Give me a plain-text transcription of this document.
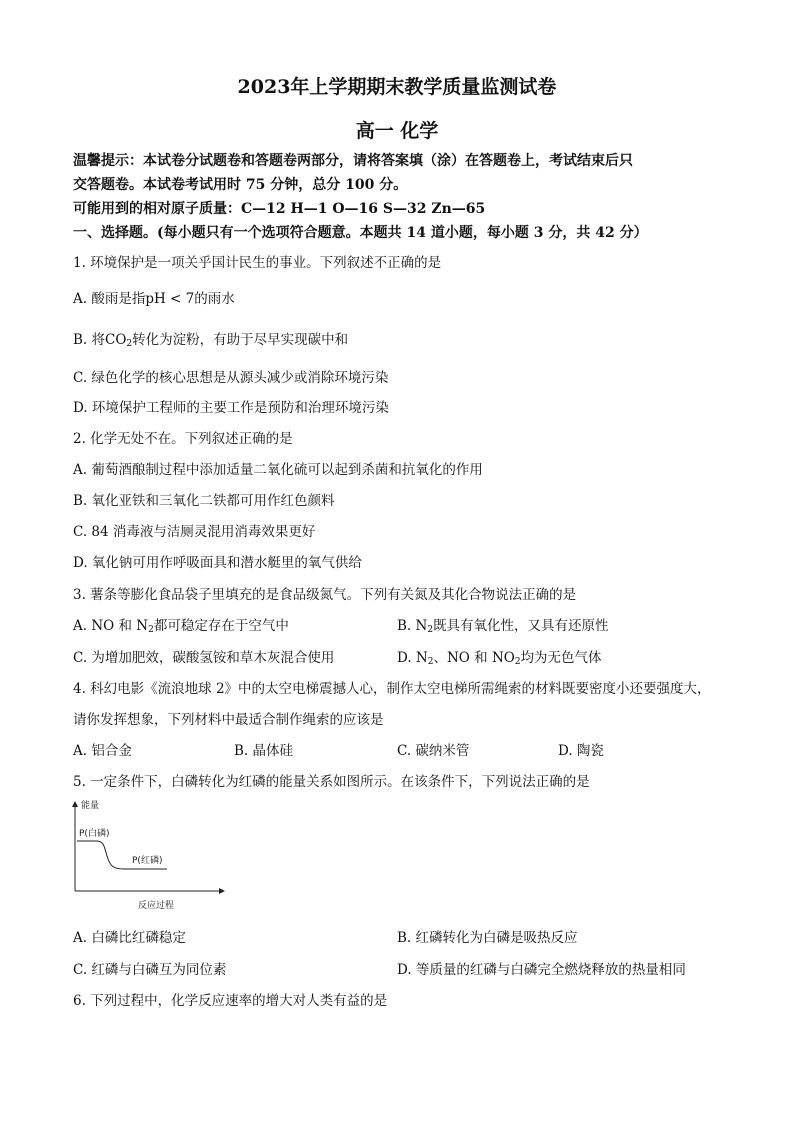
2023年上学期期末教学质量监测试卷
高一 化学
温馨提示：本试卷分试题卷和答题卷两部分，请将答案填（涂）在答题卷上，考试结束后只
交答题卷。本试卷考试用时 75 分钟，总分 100 分。
可能用到的相对原子质量：C—12 H—1 O—16 S—32 Zn—65
一、选择题。(每小题只有一个选项符合题意。本题共 14 道小题，每小题 3 分，共 42 分）
1. 环境保护是一项关乎国计民生的事业。下列叙述不正确的是
A. 酸雨是指pH < 7的雨水
B. 将$CO_2$转化为淀粉，有助于尽早实现碳中和
C. 绿色化学的核心思想是从源头减少或消除环境污染
D. 环境保护工程师的主要工作是预防和治理环境污染
2. 化学无处不在。下列叙述正确的是
A. 葡萄酒酿制过程中添加适量二氧化硫可以起到杀菌和抗氧化的作用
B. 氧化亚铁和三氧化二铁都可用作红色颜料
C. 84 消毒液与洁厕灵混用消毒效果更好
D. 氧化钠可用作呼吸面具和潜水艇里的氧气供给
3. 薯条等膨化食品袋子里填充的是食品级氮气。下列有关氮及其化合物说法正确的是
A. NO 和 $N_2$都可稳定存在于空气中	B. $N_2$既具有氧化性，又具有还原性
C. 为增加肥效，碳酸氢铵和草木灰混合使用	D. $N_2$、NO 和 $NO_2$均为无色气体
4. 科幻电影《流浪地球 2》中的太空电梯震撼人心，制作太空电梯所需绳索的材料既要密度小还要强度大，
请你发挥想象，下列材料中最适合制作绳索的应该是
A. 铝合金	B. 晶体硅	C. 碳纳米管	D. 陶瓷
5. 一定条件下，白磷转化为红磷的能量关系如图所示。在该条件下，下列说法正确的是
能量
反应过程
P(白磷)
P(红磷)
A. 白磷比红磷稳定	B. 红磷转化为白磷是吸热反应
C. 红磷与白磷互为同位素	D. 等质量的红磷与白磷完全燃烧释放的热量相同
6. 下列过程中，化学反应速率的增大对人类有益的是
